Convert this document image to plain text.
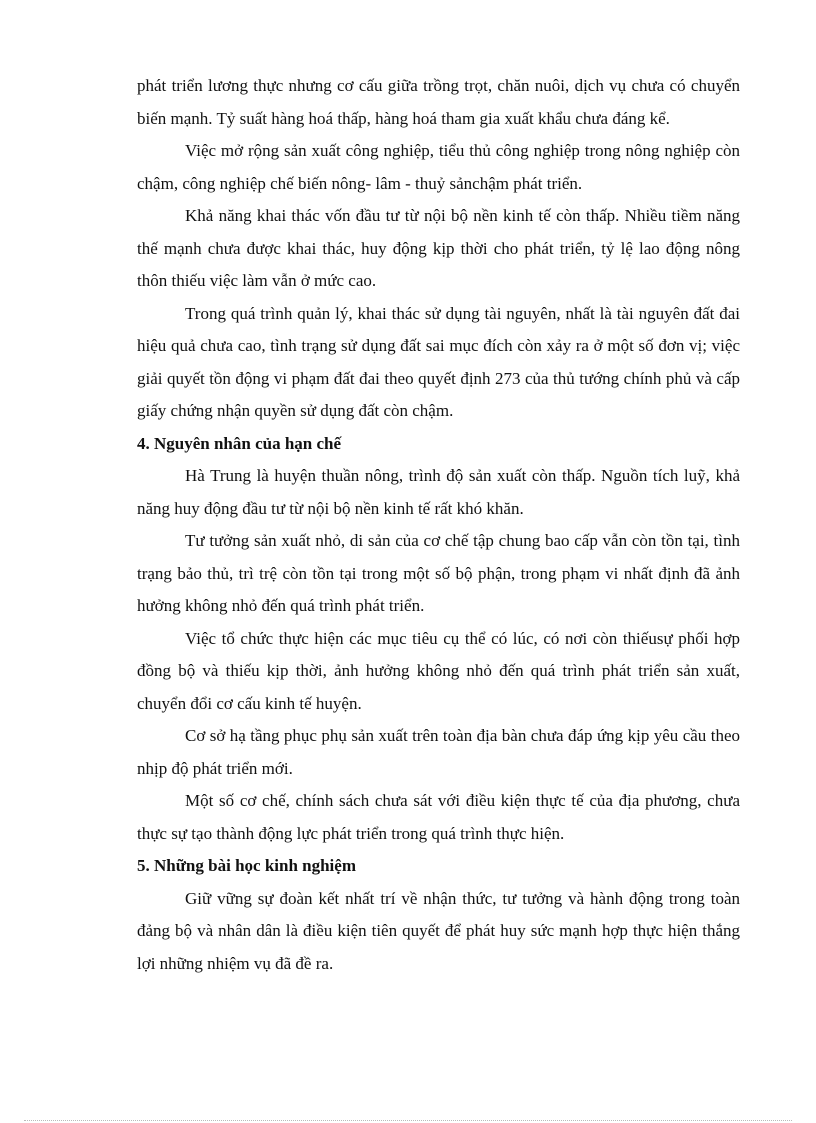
phát triển lương thực nhưng cơ cấu giữa trồng trọt, chăn nuôi, dịch vụ chưa có chuyển biến mạnh. Tỷ suất hàng hoá thấp, hàng hoá tham gia xuất khẩu chưa đáng kể.

Việc mở rộng sản xuất công nghiệp, tiểu thủ công nghiệp trong nông nghiệp còn chậm, công nghiệp chế biến nông- lâm - thuỷ sảnchậm phát triển.

Khả năng khai thác vốn đầu tư từ nội bộ nền kinh tế còn thấp. Nhiều tiềm năng thế mạnh chưa được khai thác, huy động kịp thời cho phát triển, tỷ lệ lao động nông thôn thiếu việc làm vẫn ở mức cao.

Trong quá trình quản lý, khai thác sử dụng tài nguyên, nhất là tài nguyên đất đai hiệu quả chưa cao, tình trạng sử dụng đất sai mục đích còn xảy ra ở một số đơn vị; việc giải quyết tồn động vi phạm đất đai theo quyết định 273 của thủ tướng chính phủ và cấp giấy chứng nhận quyền sử dụng đất còn chậm.

4. Nguyên nhân của hạn chế

Hà Trung là huyện thuần nông, trình độ sản xuất còn thấp. Nguồn tích luỹ, khả năng huy động đầu tư từ nội bộ nền kinh tế rất khó khăn.

Tư tưởng sản xuất nhỏ, di sản của cơ chế tập chung bao cấp vẫn còn tồn tại, tình trạng bảo thủ, trì trệ còn tồn tại trong một số bộ phận, trong phạm vi nhất định đã ảnh hưởng không nhỏ đến quá trình phát triển.

Việc tổ chức thực hiện các mục tiêu cụ thể có lúc, có nơi còn thiếusự phối hợp đồng bộ và thiếu kịp thời, ảnh hưởng không nhỏ đến quá trình phát triển sản xuất, chuyển đổi cơ cấu kinh tế huyện.

Cơ sở hạ tầng phục phụ sản xuất trên toàn địa bàn chưa đáp ứng kịp yêu cầu theo nhịp độ phát triển mới.

Một số cơ chế, chính sách chưa sát với điều kiện thực tế của địa phương, chưa thực sự tạo thành động lực phát triển trong quá trình thực hiện.

5. Những bài học kinh nghiệm

Giữ vững sự đoàn kết nhất trí về nhận thức, tư tưởng và hành động trong toàn đảng bộ và nhân dân là điều kiện tiên quyết để phát huy sức mạnh hợp thực hiện thắng lợi những nhiệm vụ đã đề ra.
